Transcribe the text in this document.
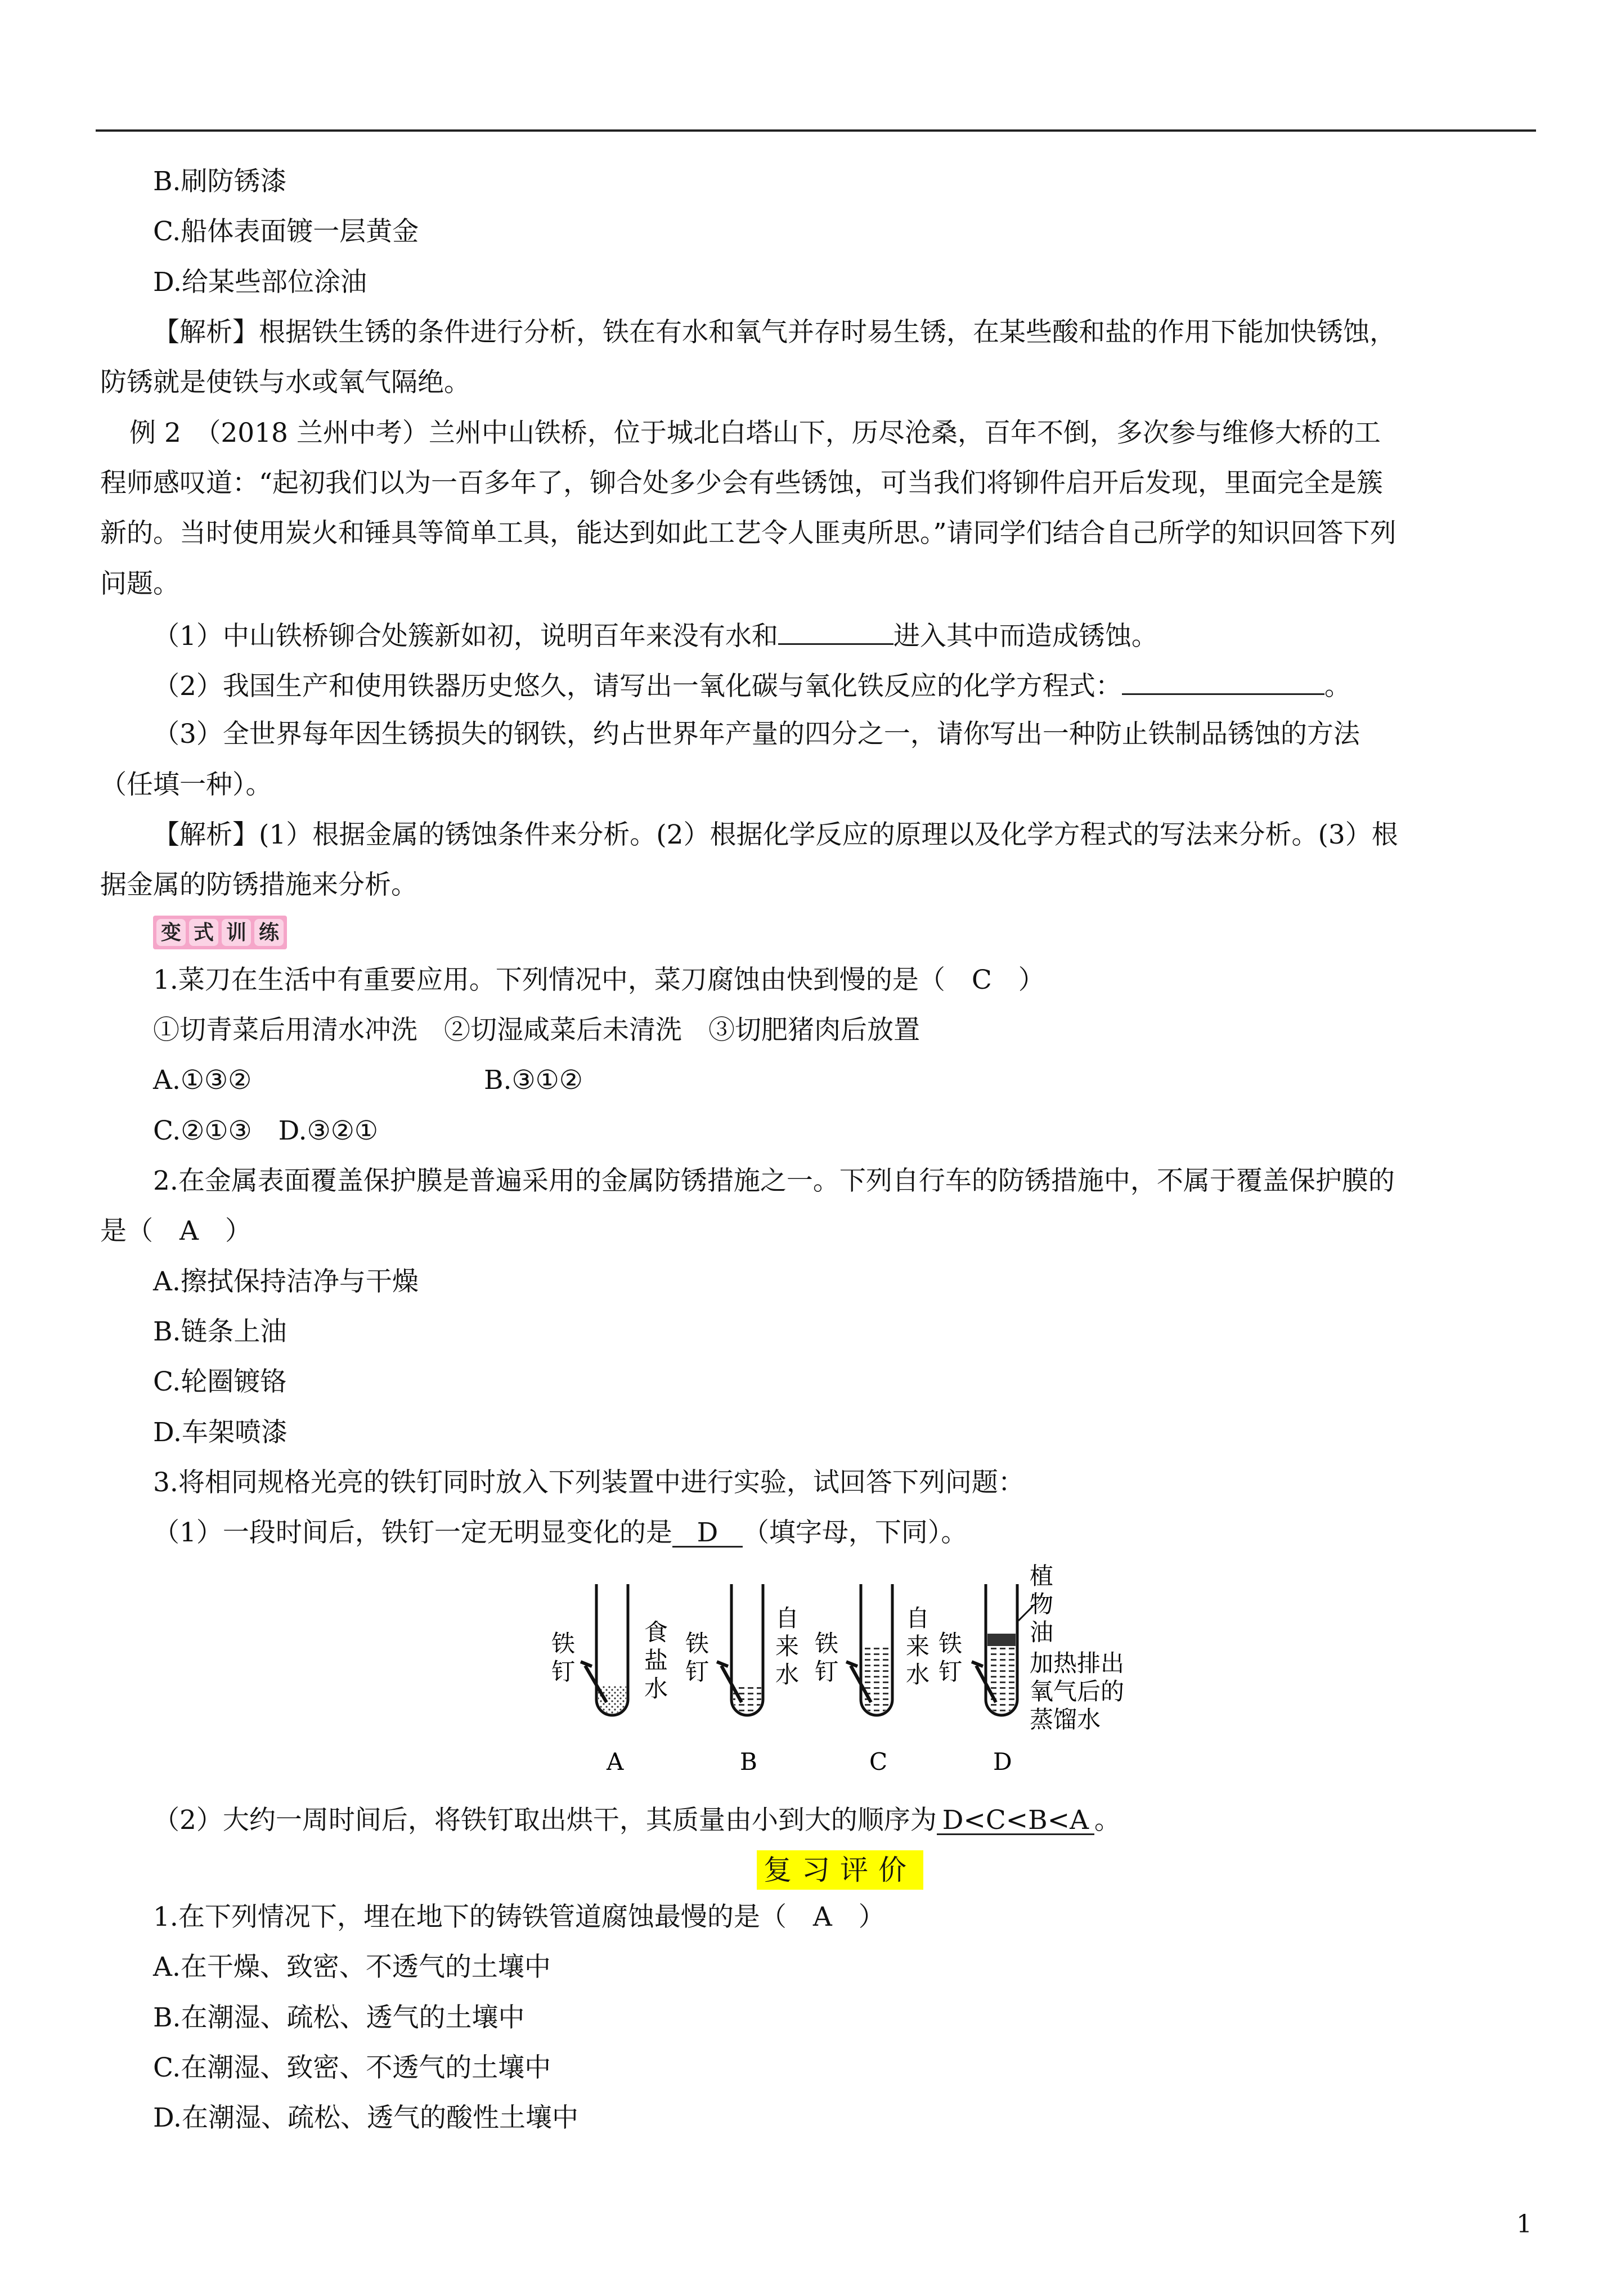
B.刷防锈漆
C.船体表面镀一层黄金
D.给某些部位涂油
【解析】根据铁生锈的条件进行分析，铁在有水和氧气并存时易生锈，在某些酸和盐的作用下能加快锈蚀，
防锈就是使铁与水或氧气隔绝。
例 2　（2018 兰州中考）兰州中山铁桥，位于城北白塔山下，历尽沧桑，百年不倒，多次参与维修大桥的工
程师感叹道：“起初我们以为一百多年了，铆合处多少会有些锈蚀，可当我们将铆件启开后发现，里面完全是簇
新的。当时使用炭火和锤具等简单工具，能达到如此工艺令人匪夷所思。”请同学们结合自己所学的知识回答下列
问题。
（1）中山铁桥铆合处簇新如初，说明百年来没有水和	进入其中而造成锈蚀。
（2）我国生产和使用铁器历史悠久，请写出一氧化碳与氧化铁反应的化学方程式：	。
（3）全世界每年因生锈损失的钢铁，约占世界年产量的四分之一，请你写出一种防止铁制品锈蚀的方法
（任填一种）。
【解析】(1）根据金属的锈蚀条件来分析。(2）根据化学反应的原理以及化学方程式的写法来分析。(3）根
据金属的防锈措施来分析。
变 式 训 练
1.菜刀在生活中有重要应用。下列情况中，菜刀腐蚀由快到慢的是（　C　）
①切青菜后用清水冲洗　②切湿咸菜后未清洗　③切肥猪肉后放置
A.①③②	B.③①②
C.②①③　D.③②①
2.在金属表面覆盖保护膜是普遍采用的金属防锈措施之一。下列自行车的防锈措施中，不属于覆盖保护膜的
是（　A　）
A.擦拭保持洁净与干燥
B.链条上油
C.轮圈镀铬
D.车架喷漆
3.将相同规格光亮的铁钉同时放入下列装置中进行实验，试回答下列问题：
（1）一段时间后，铁钉一定无明显变化的是 D （填字母，下同）。
铁
钉
食
盐
水
A
铁
钉
自
来
水
B
铁
钉
自
来
水
C
铁
钉
植
物
油
加热排出
氧气后的
蒸馏水
D
（2）大约一周时间后，将铁钉取出烘干，其质量由小到大的顺序为 D<C<B<A 。
复习评价
1.在下列情况下，埋在地下的铸铁管道腐蚀最慢的是（　A　）
A.在干燥、致密、不透气的土壤中
B.在潮湿、疏松、透气的土壤中
C.在潮湿、致密、不透气的土壤中
D.在潮湿、疏松、透气的酸性土壤中
1
